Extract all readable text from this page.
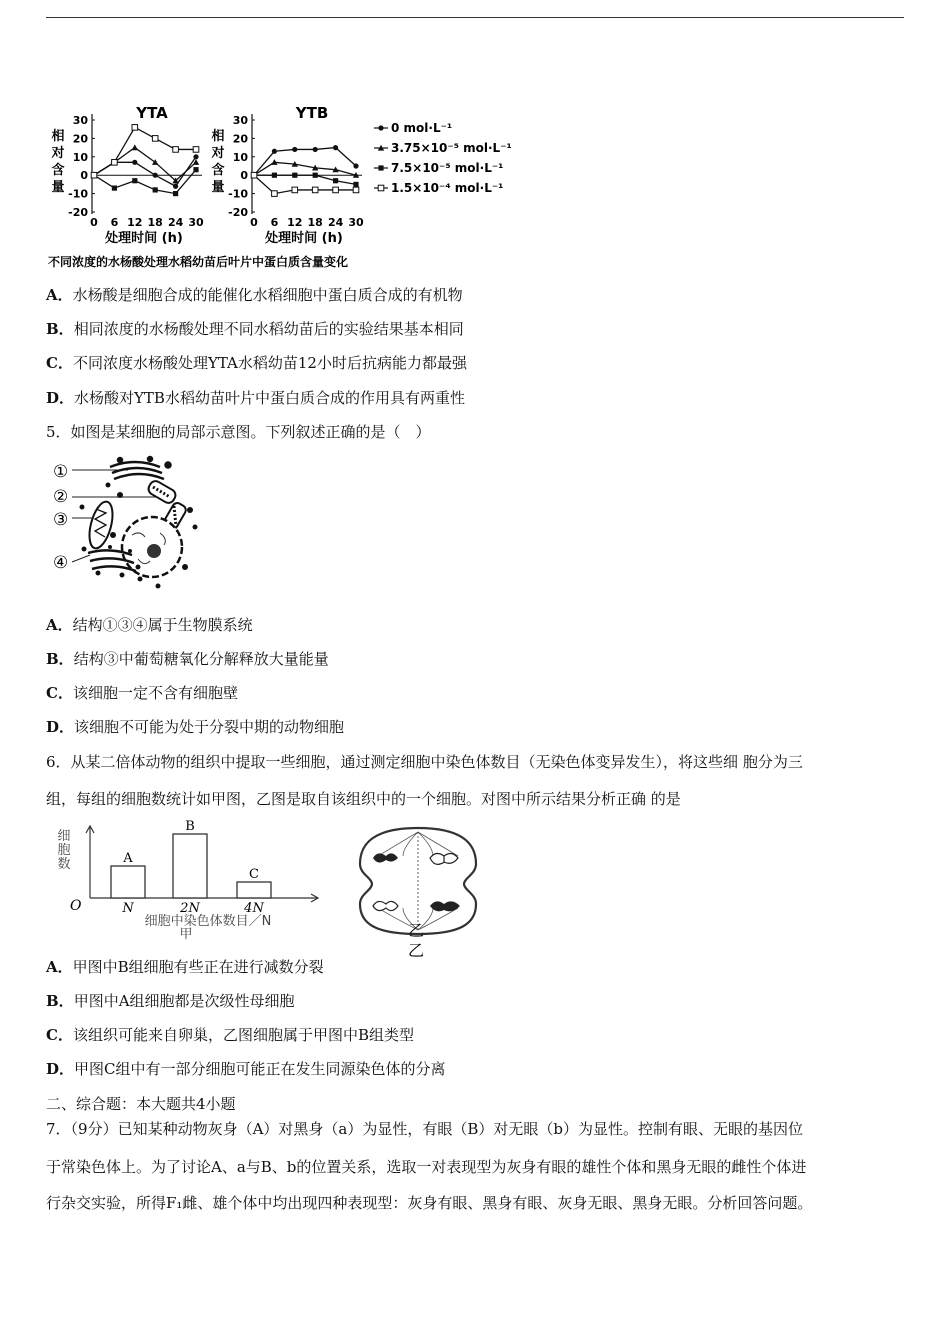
YTA
相
对
含
量
30
20
10
0
-10
-20
0 6 12 18 24 30
处理时间 (h)
YTB
相
对
含
量
30
20
10
0
-10
-20
0 6 12 18 24 30
处理时间 (h)
0 mol·L⁻¹
3.75×10⁻⁵ mol·L⁻¹
7.5×10⁻⁵ mol·L⁻¹
1.5×10⁻⁴ mol·L⁻¹
不同浓度的水杨酸处理水稻幼苗后叶片中蛋白质含量变化
A．水杨酸是细胞合成的能催化水稻细胞中蛋白质合成的有机物
B．相同浓度的水杨酸处理不同水稻幼苗后的实验结果基本相同
C．不同浓度水杨酸处理YTA水稻幼苗12小时后抗病能力都最强
D．水杨酸对YTB水稻幼苗叶片中蛋白质合成的作用具有两重性
5．如图是某细胞的局部示意图。下列叙述正确的是（　）
①
②
③
④
A．结构①③④属于生物膜系统
B．结构③中葡萄糖氧化分解释放大量能量
C．该细胞一定不含有细胞壁
D．该细胞不可能为处于分裂中期的动物细胞
6．从某二倍体动物的组织中提取一些细胞，通过测定细胞中染色体数目（无染色体变异发生），将这些细 胞分为三
组，每组的细胞数统计如甲图，乙图是取自该组织中的一个细胞。对图中所示结果分析正确 的是
O
细
胞
数	A
N
B
2N
C
4N
细胞中染色体数目／N
甲
乙
乙
A．甲图中B组细胞有些正在进行减数分裂
B．甲图中A组细胞都是次级性母细胞
C．该组织可能来自卵巢，乙图细胞属于甲图中B组类型
D．甲图C组中有一部分细胞可能正在发生同源染色体的分离
二、综合题：本大题共4小题
7．（9分）已知某种动物灰身（A）对黑身（a）为显性，有眼（B）对无眼（b）为显性。控制有眼、无眼的基因位
于常染色体上。为了讨论A、a与B、b的位置关系，选取一对表现型为灰身有眼的雄性个体和黑身无眼的雌性个体进
行杂交实验，所得F₁雌、雄个体中均出现四种表现型：灰身有眼、黑身有眼、灰身无眼、黑身无眼。分析回答问题。
